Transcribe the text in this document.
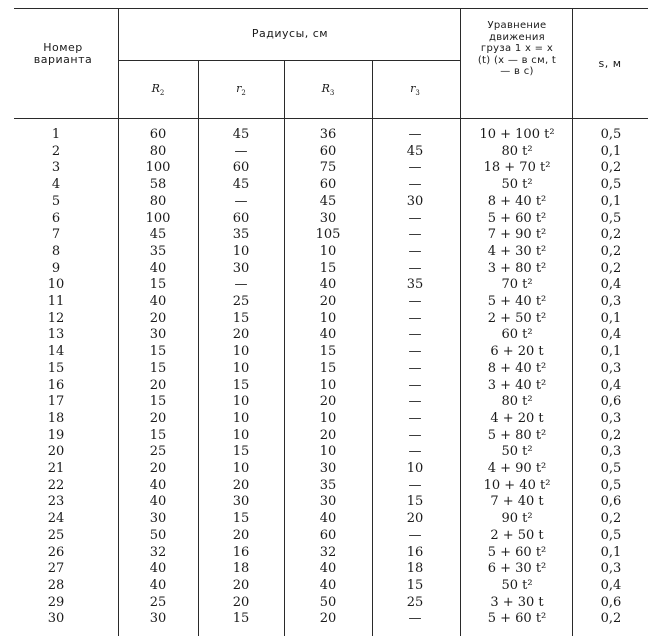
Номер варианта
Радиусы, см
$R_2$	$r_2$	$R_3$	$r_3$
Уравнение движения груза 1 x = x (t) (x — в см, t — в с)
s, м
1	60	45	36	—	10 + 100 t²	0,5
2	80	—	60	45	80 t²	0,1
3	100	60	75	—	18 + 70 t²	0,2
4	58	45	60	—	50 t²	0,5
5	80	—	45	30	8 + 40 t²	0,1
6	100	60	30	—	5 + 60 t²	0,5
7	45	35	105	—	7 + 90 t²	0,2
8	35	10	10	—	4 + 30 t²	0,2
9	40	30	15	—	3 + 80 t²	0,2
10	15	—	40	35	70 t²	0,4
11	40	25	20	—	5 + 40 t²	0,3
12	20	15	10	—	2 + 50 t²	0,1
13	30	20	40	—	60 t²	0,4
14	15	10	15	—	6 + 20 t	0,1
15	15	10	15	—	8 + 40 t²	0,3
16	20	15	10	—	3 + 40 t²	0,4
17	15	10	20	—	80 t²	0,6
18	20	10	10	—	4 + 20 t	0,3
19	15	10	20	—	5 + 80 t²	0,2
20	25	15	10	—	50 t²	0,3
21	20	10	30	10	4 + 90 t²	0,5
22	40	20	35	—	10 + 40 t²	0,5
23	40	30	30	15	7 + 40 t	0,6
24	30	15	40	20	90 t²	0,2
25	50	20	60	—	2 + 50 t	0,5
26	32	16	32	16	5 + 60 t²	0,1
27	40	18	40	18	6 + 30 t²	0,3
28	40	20	40	15	50 t²	0,4
29	25	20	50	25	3 + 30 t	0,6
30	30	15	20	—	5 + 60 t²	0,2
